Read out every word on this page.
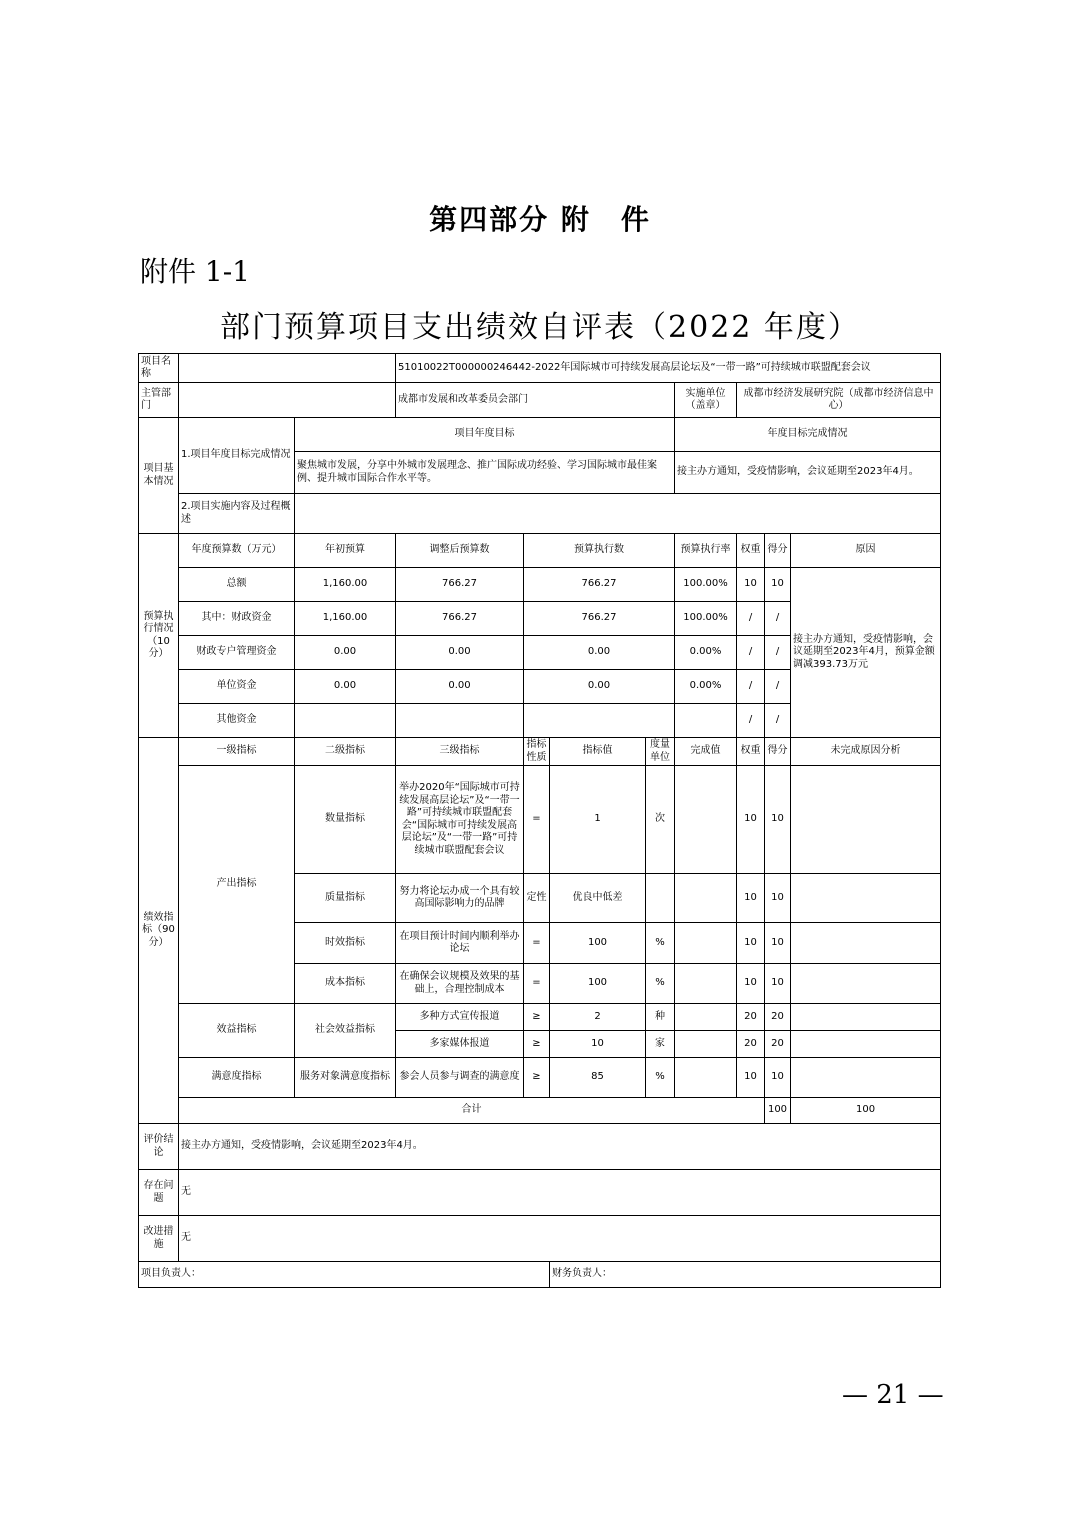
第四部分 附　件
附件 1-1
部门预算项目支出绩效自评表（2022 年度）
项目名称			51010022T000000246442-2022年国际城市可持续发展高层论坛及“一带一路”可持续城市联盟配套会议								
主管部门			成都市发展和改革委员会部门				实施单位（盖章）	成都市经济发展研究院（成都市经济信息中心）			
项目基本情况	1.项目年度目标完成情况	项目年度目标					年度目标完成情况				
		聚焦城市发展，分享中外城市发展理念、推广国际成功经验、学习国际城市最佳案例、提升城市国际合作水平等。					接主办方通知，受疫情影响，会议延期至2023年4月。				
	2.项目实施内容及过程概述										
预算执行情况（10分）	年度预算数（万元）	年初预算	调整后预算数	预算执行数			预算执行率	权重	得分	原因	
	总额	1,160.00	766.27	766.27			100.00%	10	10	接主办方通知，受疫情影响，会议延期至2023年4月，预算金额调减393.73万元	
	其中：财政资金	1,160.00	766.27	766.27			100.00%	/	/		
	财政专户管理资金	0.00	0.00	0.00			0.00%	/	/		
	单位资金	0.00	0.00	0.00			0.00%	/	/		
	其他资金							/	/		
绩效指标（90分）	一级指标	二级指标	三级指标	指标性质	指标值	度量单位	完成值	权重	得分	未完成原因分析	
	产出指标	数量指标	举办2020年“国际城市可持续发展高层论坛”及“一带一路”可持续城市联盟配套会“国际城市可持续发展高层论坛”及“一带一路”可持续城市联盟配套会议	=	1	次		10	10		
		质量指标	努力将论坛办成一个具有较高国际影响力的品牌	定性	优良中低差			10	10		
		时效指标	在项目预计时间内顺利举办论坛	=	100	%		10	10		
		成本指标	在确保会议规模及效果的基础上，合理控制成本	=	100	%		10	10		
	效益指标	社会效益指标	多种方式宣传报道	≥	2	种		20	20		
			多家媒体报道	≥	10	家		20	20		
	满意度指标	服务对象满意度指标	参会人员参与调查的满意度	≥	85	%		10	10		
	合计								100	100	
评价结论	接主办方通知，受疫情影响，会议延期至2023年4月。										
存在问题	无										
改进措施	无										
项目负责人：					财务负责人：						
— 21 —
